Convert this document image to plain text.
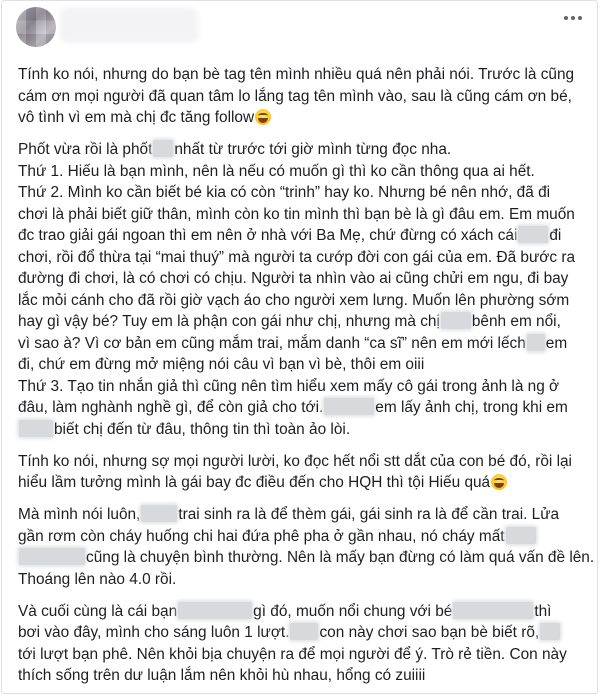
Tính ko nói, nhưng do bạn bè tag tên mình nhiều quá nên phải nói. Trước là cũng
cám ơn mọi người đã quan tâm lo lắng tag tên mình vào, sau là cũng cám ơn bé,
vô tình vì em mà chị đc tăng follow
Phốt vừa rồi là phốt nhất từ trước tới giờ mình từng đọc nha.
Thứ 1. Hiếu là bạn mình, nên là nếu có muốn gì thì ko cần thông qua ai hết.
Thứ 2. Mình ko cần biết bé kia có còn “trinh” hay ko. Nhưng bé nên nhớ, đã đi
chơi là phải biết giữ thân, mình còn ko tin mình thì bạn bè là gì đâu em. Em muốn
đc trao giải gái ngoan thì em nên ở nhà với Ba Mẹ, chứ đừng có xách cái đi
chơi, rồi đổ thừa tại “mai thuý” mà người ta cướp đời con gái của em. Đã bước ra
đường đi chơi, là có chơi có chịu. Người ta nhìn vào ai cũng chửi em ngu, đi bay
lắc mỏi cánh cho đã rồi giờ vạch áo cho người xem lưng. Muốn lên phường sớm
hay gì vậy bé? Tuy em là phận con gái như chị, nhưng mà chị bênh em nổi,
vì sao à? Vì cơ bản em cũng mắm trai, mắm danh “ca sĩ” nên em mới lếch em
đi, chứ em đừng mở miệng nói câu vì bạn vì bè, thôi em oiii
Thứ 3. Tạo tin nhắn giả thì cũng nên tìm hiểu xem mấy cô gái trong ảnh là ng ở
đâu, làm nghành nghề gì, để còn giả cho tới.	em lấy ảnh chị, trong khi em
biết chị đến từ đâu, thông tin thì toàn ảo lòi.
Tính ko nói, nhưng sợ mọi người lười, ko đọc hết nổi stt dắt của con bé đó, rồi lại
hiểu lầm tưởng mình là gái bay đc điều đến cho HQH thì tội Hiếu quá
Mà mình nói luôn, trai sinh ra là để thèm gái, gái sinh ra là để cần trai. Lửa
gần rơm còn cháy huống chi hai đứa phê pha ở gần nhau, nó cháy mất
cũng là chuyện bình thường. Nên là mấy bạn đừng có làm quá vấn đề lên.
Thoáng lên nào 4.0 rồi.
Và cuối cùng là cái bạn	gì đó, muốn nổi chung với bé	thì
bơi vào đây, mình cho sáng luôn 1 lượt. con này chơi sao bạn bè biết rõ,
tới lượt bạn phê. Nên khỏi bịa chuyện ra để mọi người để ý. Trò rẻ tiền. Con này
thích sống trên dư luận lắm nên khỏi hù nhau, hổng có zuiiii
